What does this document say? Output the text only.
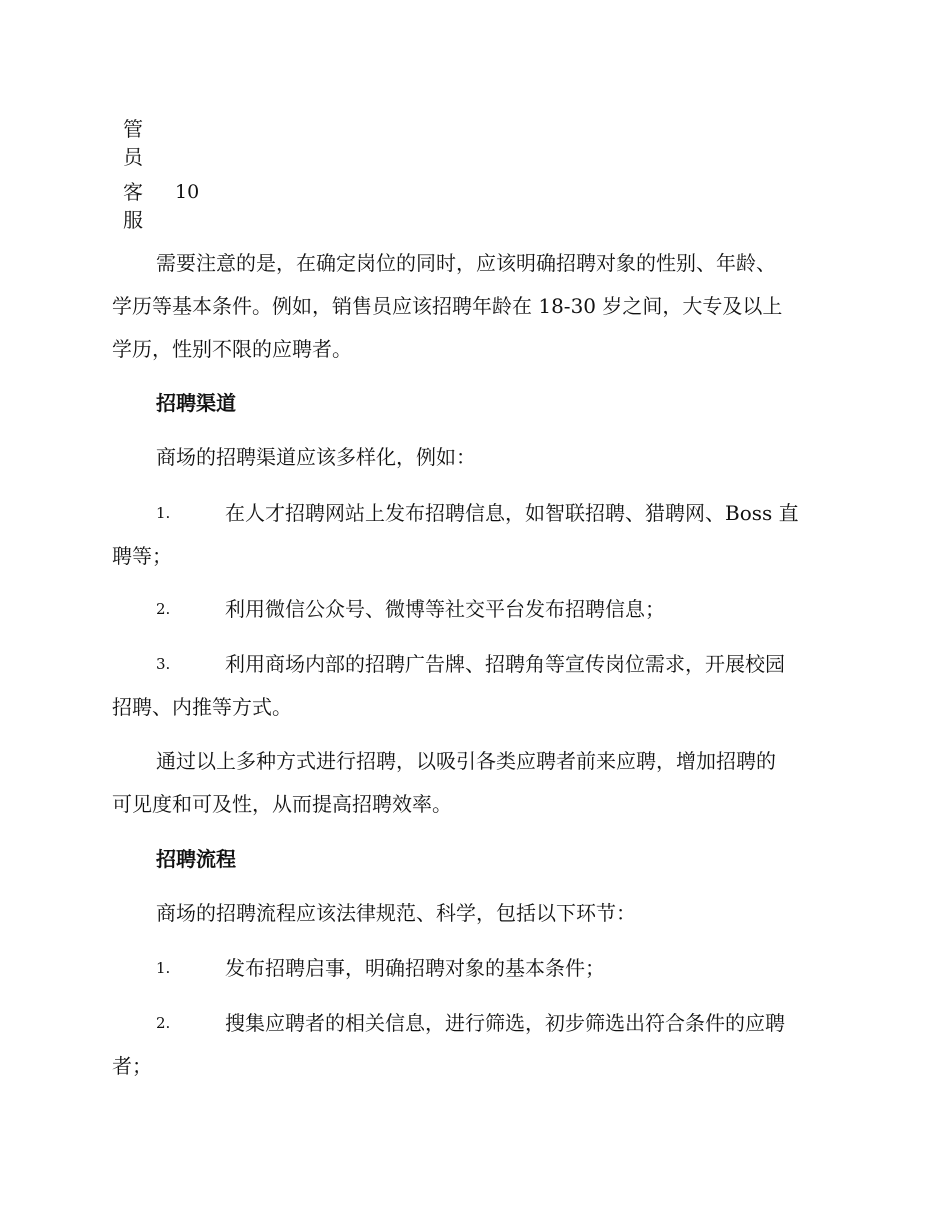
管
员
客 10
服
需要注意的是，在确定岗位的同时，应该明确招聘对象的性别、年龄、
学历等基本条件。例如，销售员应该招聘年龄在 18-30 岁之间，大专及以上
学历，性别不限的应聘者。
招聘渠道
商场的招聘渠道应该多样化，例如：
1.	在人才招聘网站上发布招聘信息，如智联招聘、猎聘网、Boss 直
聘等；
2.	利用微信公众号、微博等社交平台发布招聘信息；
3.	利用商场内部的招聘广告牌、招聘角等宣传岗位需求，开展校园
招聘、内推等方式。
通过以上多种方式进行招聘，以吸引各类应聘者前来应聘，增加招聘的
可见度和可及性，从而提高招聘效率。
招聘流程
商场的招聘流程应该法律规范、科学，包括以下环节：
1.	发布招聘启事，明确招聘对象的基本条件；
2.	搜集应聘者的相关信息，进行筛选，初步筛选出符合条件的应聘
者；
